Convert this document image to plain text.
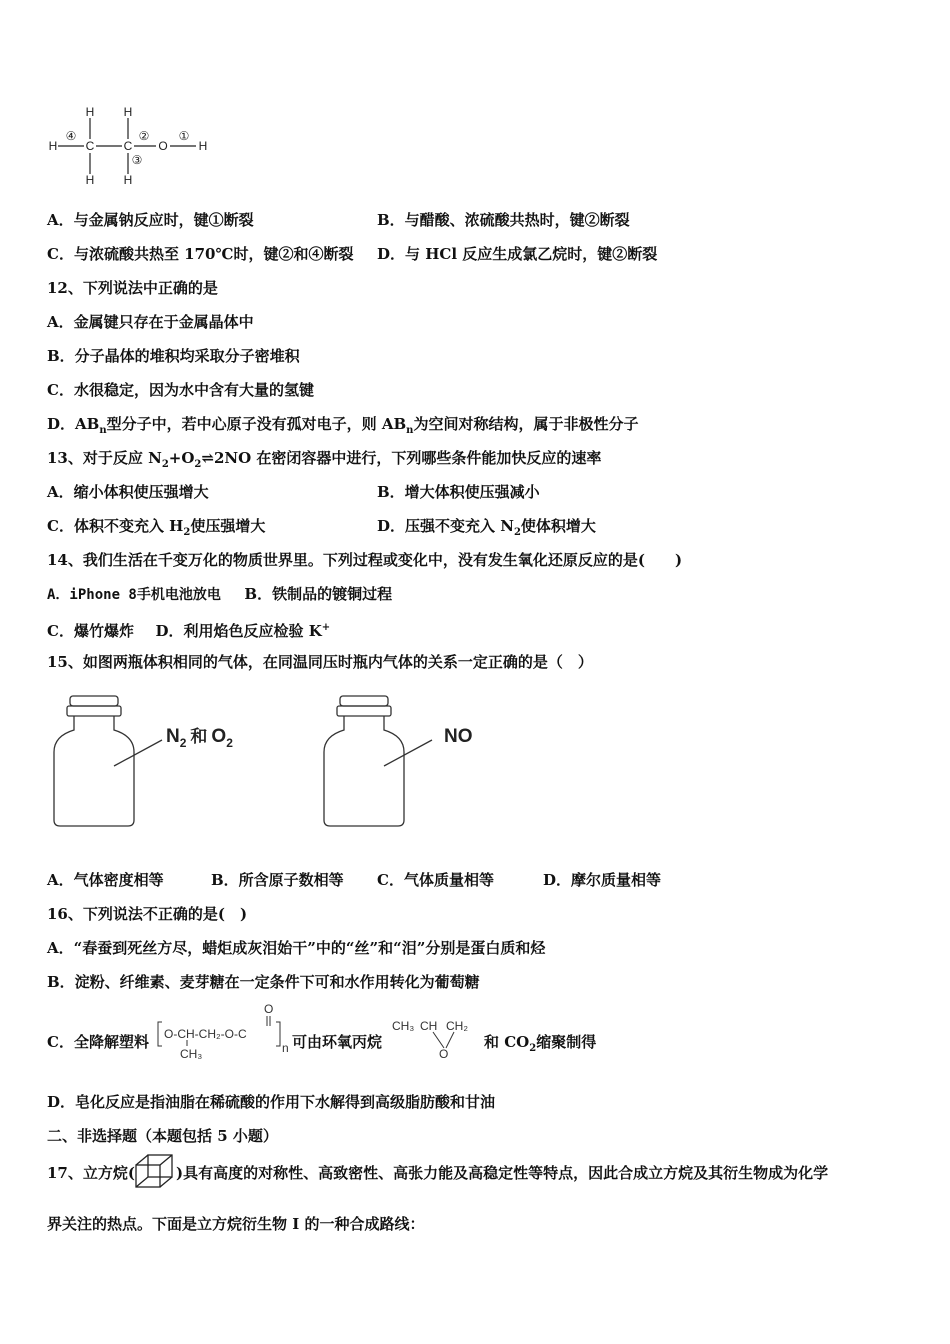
H C C O	H
H H
H H
①
②
③
④
A．与金属钠反应时，键①断裂	B．与醋酸、浓硫酸共热时，键②断裂
C．与浓硫酸共热至 170℃时，键②和④断裂 D．与 HCl 反应生成氯乙烷时，键②断裂
12、下列说法中正确的是
A．金属键只存在于金属晶体中
B．分子晶体的堆积均采取分子密堆积
C．水很稳定，因为水中含有大量的氢键
D．$AB_n$型分子中，若中心原子没有孤对电子，则 $AB_n$为空间对称结构，属于非极性分子
13、对于反应 $N_2+O_2\rightleftharpoons 2NO$ 在密闭容器中进行，下列哪些条件能加快反应的速率
A．缩小体积使压强增大	B．增大体积使压强减小
C．体积不变充入 $H_2$使压强增大	D．压强不变充入 $N_2$使体积增大
14、我们生活在千变万化的物质世界里。下列过程或变化中，没有发生氧化还原反应的是(　　)
A．iPhone 8手机电池放电 B．铁制品的镀铜过程
C．爆竹爆炸 D．利用焰色反应检验 K+
15、如图两瓶体积相同的气体，在同温同压时瓶内气体的关系一定正确的是（　）
$N_2$ 和 $O_2$	NO
A．气体密度相等	B．所含原子数相等 C．气体质量相等	D．摩尔质量相等
16、下列说法不正确的是(　)
A．“春蚕到死丝方尽，蜡炬成灰泪始干”中的“丝”和“泪”分别是蛋白质和烃
B．淀粉、纤维素、麦芽糖在一定条件下可和水作用转化为葡萄糖
C．全降解塑料 O-CH-CH₂-O-C
CH₃
O
n 可由环氧丙烷
CH₃ CH CH₂
O
和 $CO_2$缩聚制得
D．皂化反应是指油脂在稀硫酸的作用下水解得到高级脂肪酸和甘油
二、非选择题（本题包括 5 小题）
17、立方烷(	)具有高度的对称性、高致密性、高张力能及高稳定性等特点，因此合成立方烷及其衍生物成为化学
界关注的热点。下面是立方烷衍生物 I 的一种合成路线：
